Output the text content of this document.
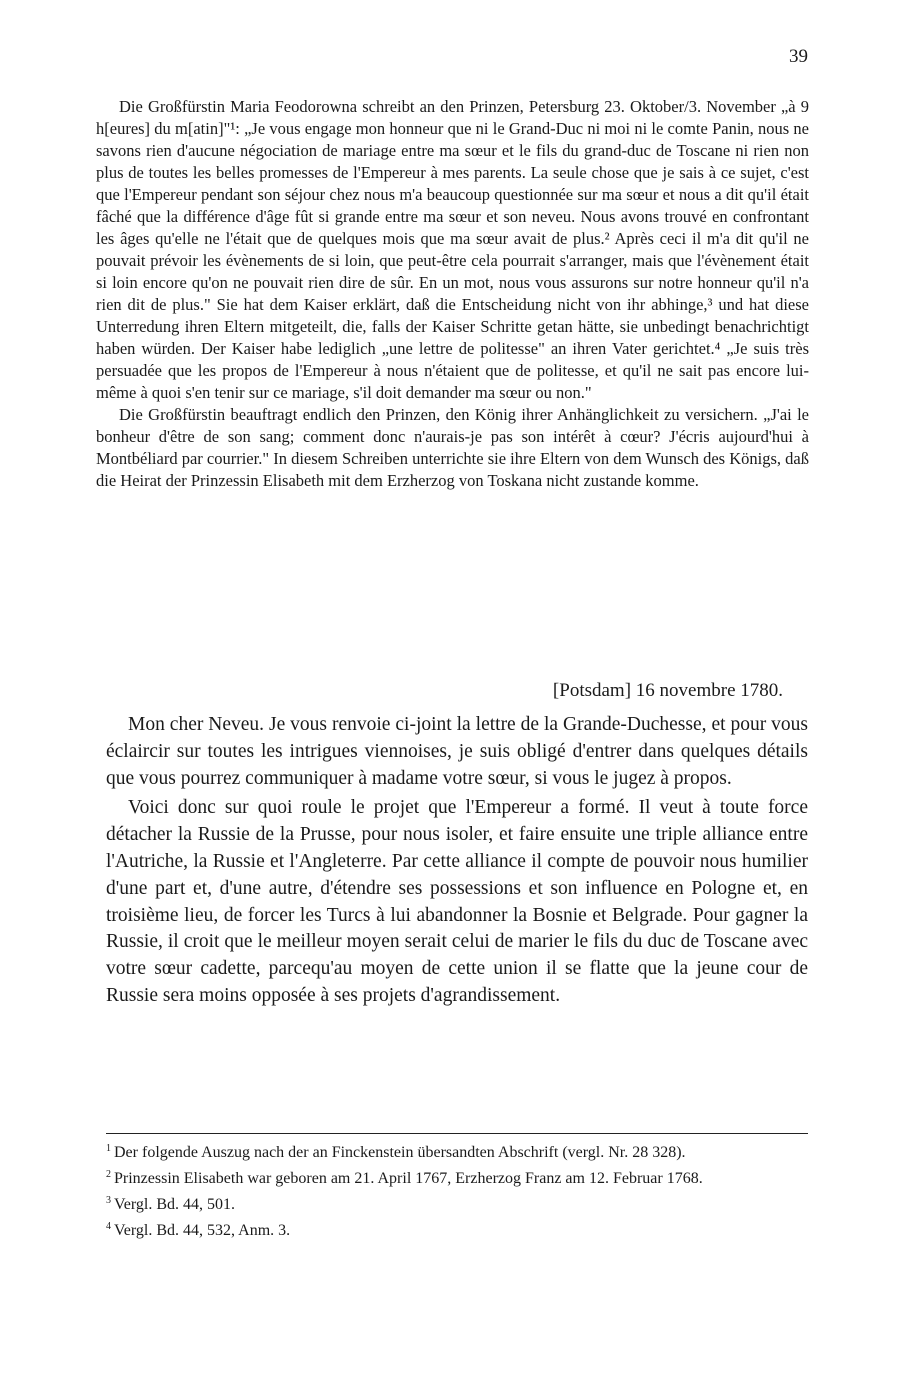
39

Die Großfürstin Maria Feodorowna schreibt an den Prinzen, Petersburg 23. Oktober/3. November „à 9 h[eures] du m[atin]"¹: „Je vous engage mon honneur que ni le Grand-Duc ni moi ni le comte Panin, nous ne savons rien d'aucune négociation de mariage entre ma sœur et le fils du grand-duc de Toscane ni rien non plus de toutes les belles promesses de l'Empereur à mes parents. La seule chose que je sais à ce sujet, c'est que l'Empereur pendant son séjour chez nous m'a beaucoup questionnée sur ma sœur et nous a dit qu'il était fâché que la différence d'âge fût si grande entre ma sœur et son neveu. Nous avons trouvé en confrontant les âges qu'elle ne l'était que de quelques mois que ma sœur avait de plus.² Après ceci il m'a dit qu'il ne pouvait prévoir les évènements de si loin, que peut-être cela pourrait s'arranger, mais que l'évènement était si loin encore qu'on ne pouvait rien dire de sûr. En un mot, nous vous assurons sur notre honneur qu'il n'a rien dit de plus." Sie hat dem Kaiser erklärt, daß die Entscheidung nicht von ihr abhinge,³ und hat diese Unterredung ihren Eltern mitgeteilt, die, falls der Kaiser Schritte getan hätte, sie unbedingt benachrichtigt haben würden. Der Kaiser habe lediglich „une lettre de politesse" an ihren Vater gerichtet.⁴ „Je suis très persuadée que les propos de l'Empereur à nous n'étaient que de politesse, et qu'il ne sait pas encore lui-même à quoi s'en tenir sur ce mariage, s'il doit demander ma sœur ou non."

Die Großfürstin beauftragt endlich den Prinzen, den König ihrer Anhänglichkeit zu versichern. „J'ai le bonheur d'être de son sang; comment donc n'aurais-je pas son intérêt à cœur? J'écris aujourd'hui à Montbéliard par courrier." In diesem Schreiben unterrichte sie ihre Eltern von dem Wunsch des Königs, daß die Heirat der Prinzessin Elisabeth mit dem Erzherzog von Toskana nicht zustande komme.

[Potsdam] 16 novembre 1780.

Mon cher Neveu. Je vous renvoie ci-joint la lettre de la Grande-Duchesse, et pour vous éclaircir sur toutes les intrigues viennoises, je suis obligé d'entrer dans quelques détails que vous pourrez communiquer à madame votre sœur, si vous le jugez à propos.

Voici donc sur quoi roule le projet que l'Empereur a formé. Il veut à toute force détacher la Russie de la Prusse, pour nous isoler, et faire ensuite une triple alliance entre l'Autriche, la Russie et l'Angleterre. Par cette alliance il compte de pouvoir nous humilier d'une part et, d'une autre, d'étendre ses possessions et son influence en Pologne et, en troisième lieu, de forcer les Turcs à lui abandonner la Bosnie et Belgrade. Pour gagner la Russie, il croit que le meilleur moyen serait celui de marier le fils du duc de Toscane avec votre sœur cadette, parcequ'au moyen de cette union il se flatte que la jeune cour de Russie sera moins opposée à ses projets d'agrandissement.

$^1$ Der folgende Auszug nach der an Finckenstein übersandten Abschrift (vergl. Nr. 28 328).
$^2$ Prinzessin Elisabeth war geboren am 21. April 1767, Erzherzog Franz am 12. Februar 1768.
$^3$ Vergl. Bd. 44, 501.
$^4$ Vergl. Bd. 44, 532, Anm. 3.
